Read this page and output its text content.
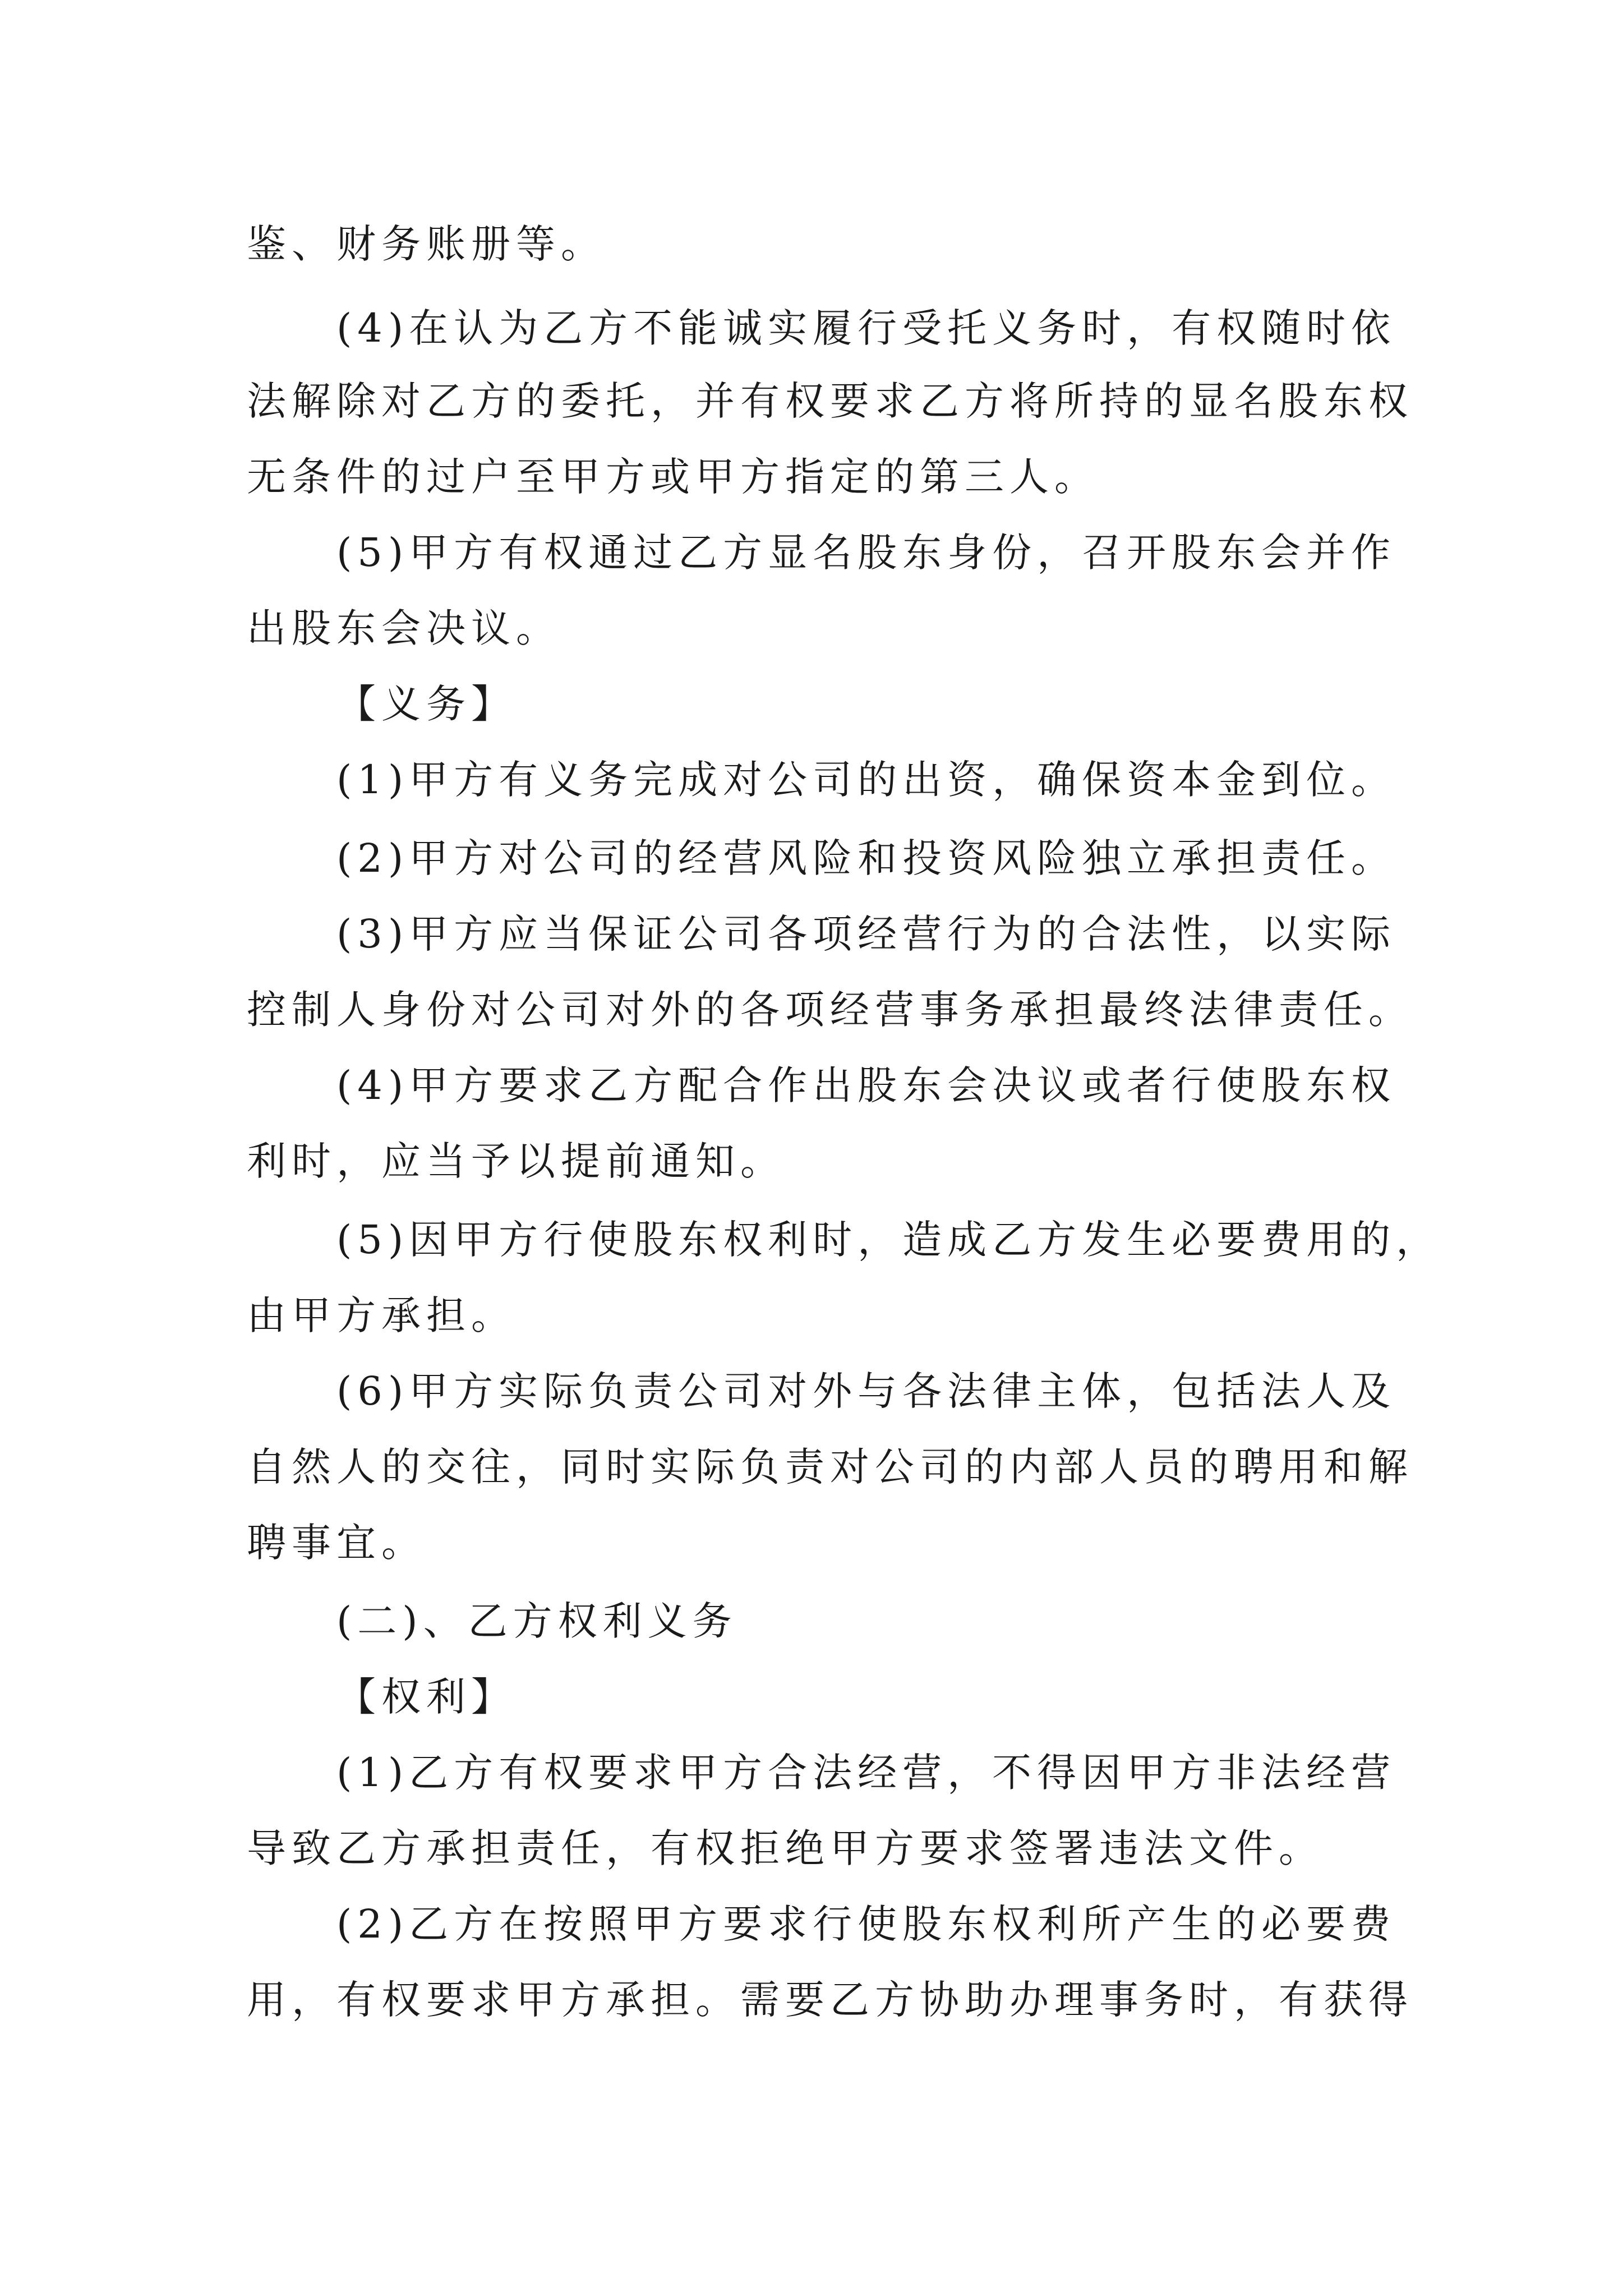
鉴、财务账册等。
(4)在认为乙方不能诚实履行受托义务时，有权随时依
法解除对乙方的委托，并有权要求乙方将所持的显名股东权
无条件的过户至甲方或甲方指定的第三人。
(5)甲方有权通过乙方显名股东身份，召开股东会并作
出股东会决议。
【义务】
(1)甲方有义务完成对公司的出资，确保资本金到位。
(2)甲方对公司的经营风险和投资风险独立承担责任。
(3)甲方应当保证公司各项经营行为的合法性，以实际
控制人身份对公司对外的各项经营事务承担最终法律责任。
(4)甲方要求乙方配合作出股东会决议或者行使股东权
利时，应当予以提前通知。
(5)因甲方行使股东权利时，造成乙方发生必要费用的，
由甲方承担。
(6)甲方实际负责公司对外与各法律主体，包括法人及
自然人的交往，同时实际负责对公司的内部人员的聘用和解
聘事宜。
(二)、乙方权利义务
【权利】
(1)乙方有权要求甲方合法经营，不得因甲方非法经营
导致乙方承担责任，有权拒绝甲方要求签署违法文件。
(2)乙方在按照甲方要求行使股东权利所产生的必要费
用，有权要求甲方承担。需要乙方协助办理事务时，有获得
